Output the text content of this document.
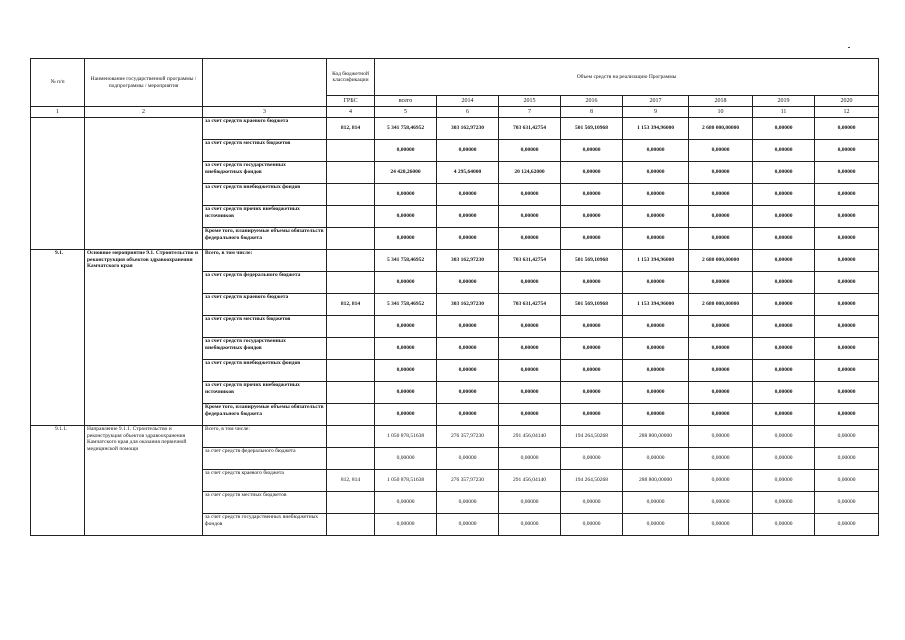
№ п/п	Наименование государственной программы / подпрограммы / мероприятия		Код бюджетной классификации	Объем средств на реализацию Программы							
			ГРБС	всего	2014	2015	2016	2017	2018	2019	2020
1	2	3	4	5	6	7	8	9	10	11	12
		за счет средств краевого бюджета	812, 814	5 341 758,46952	303 162,97230	703 631,42754	501 569,10968	1 153 394,96000	2 680 000,00000	0,00000	0,00000
		за счет средств местных бюджетов		0,00000	0,00000	0,00000	0,00000	0,00000	0,00000	0,00000	0,00000
		за счет средств государственных внебюджетных фондов		24 420,26000	4 295,64000	20 124,62000	0,00000	0,00000	0,00000	0,00000	0,00000
		за счет средств внебюджетных фондов		0,00000	0,00000	0,00000	0,00000	0,00000	0,00000	0,00000	0,00000
		за счет средств прочих внебюджетных источников		0,00000	0,00000	0,00000	0,00000	0,00000	0,00000	0,00000	0,00000
		Кроме того, планируемые объемы обязательств федерального бюджета		0,00000	0,00000	0,00000	0,00000	0,00000	0,00000	0,00000	0,00000
9.1.	Основное мероприятие 9.1. Строительство и реконструкция объектов здравоохранения Камчатского края	Всего, в том числе:		5 341 758,46952	303 162,97230	703 631,42754	501 569,10968	1 153 394,96000	2 680 000,00000	0,00000	0,00000
		за счет средств федерального бюджета		0,00000	0,00000	0,00000	0,00000	0,00000	0,00000	0,00000	0,00000
		за счет средств краевого бюджета	812, 814	5 341 758,46952	303 162,97230	703 631,42754	501 569,10968	1 153 394,96000	2 680 000,00000	0,00000	0,00000
		за счет средств местных бюджетов		0,00000	0,00000	0,00000	0,00000	0,00000	0,00000	0,00000	0,00000
		за счет средств государственных внебюджетных фондов		0,00000	0,00000	0,00000	0,00000	0,00000	0,00000	0,00000	0,00000
		за счет средств внебюджетных фондов		0,00000	0,00000	0,00000	0,00000	0,00000	0,00000	0,00000	0,00000
		за счет средств прочих внебюджетных источников		0,00000	0,00000	0,00000	0,00000	0,00000	0,00000	0,00000	0,00000
		Кроме того, планируемые объемы обязательств федерального бюджета		0,00000	0,00000	0,00000	0,00000	0,00000	0,00000	0,00000	0,00000
9.1.1.	Направление 9.1.1. Строительство и реконструкция объектов здравоохранения Камчатского края для оказания первичной медицинской помощи	Всего, в том числе:		1 050 878,51638	276 357,97230	291 456,04140	194 264,50268	288 800,00000	0,00000	0,00000	0,00000
		за счет средств федерального бюджета		0,00000	0,00000	0,00000	0,00000	0,00000	0,00000	0,00000	0,00000
		за счет средств краевого бюджета	812, 814	1 050 878,51638	276 357,97230	291 456,04140	194 264,50268	288 800,00000	0,00000	0,00000	0,00000
		за счет средств местных бюджетов		0,00000	0,00000	0,00000	0,00000	0,00000	0,00000	0,00000	0,00000
		за счет средств государственных внебюджетных фондов		0,00000	0,00000	0,00000	0,00000	0,00000	0,00000	0,00000	0,00000
